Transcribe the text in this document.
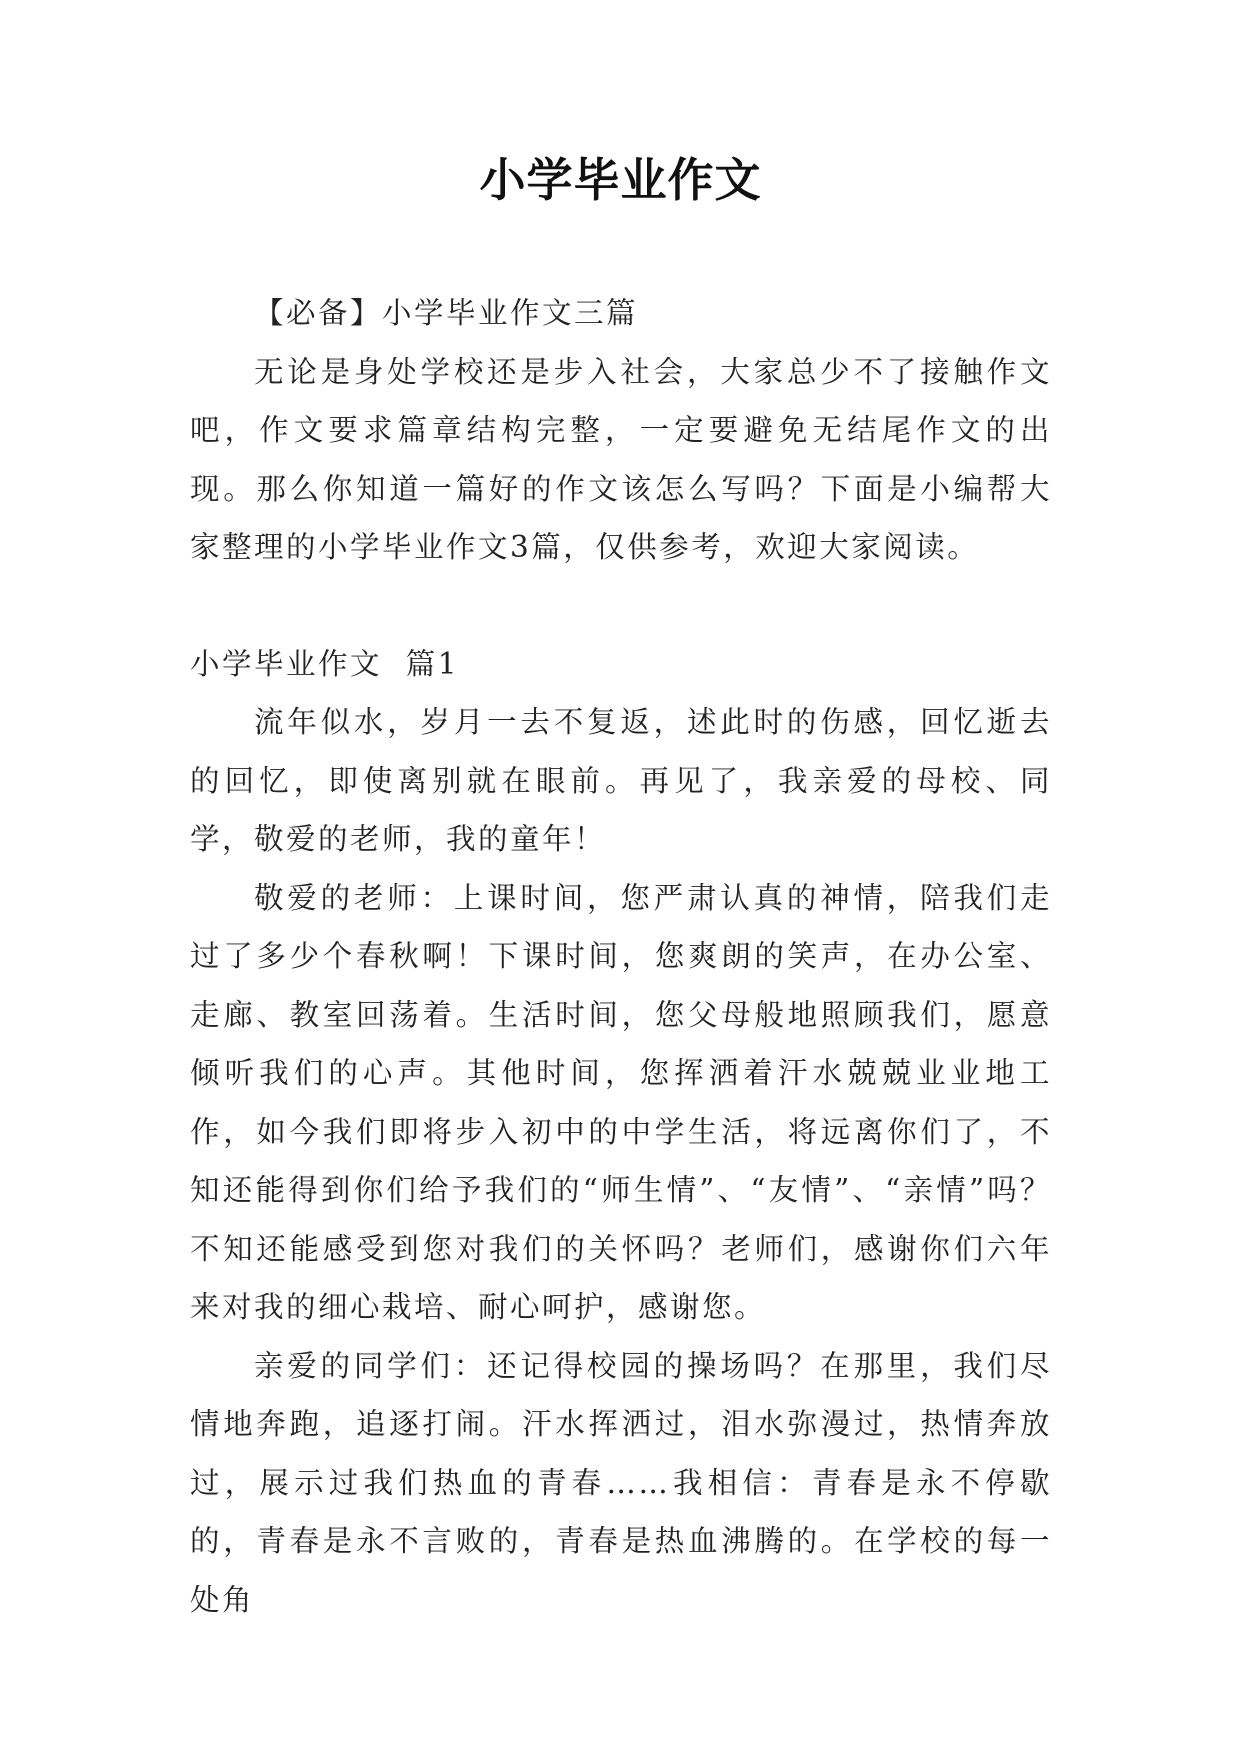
小学毕业作文

【必备】小学毕业作文三篇

无论是身处学校还是步入社会，大家总少不了接触作文吧，作文要求篇章结构完整，一定要避免无结尾作文的出现。那么你知道一篇好的作文该怎么写吗？下面是小编帮大家整理的小学毕业作文3篇，仅供参考，欢迎大家阅读。

小学毕业作文  篇1

流年似水，岁月一去不复返，述此时的伤感，回忆逝去的回忆，即使离别就在眼前。再见了，我亲爱的母校、同学，敬爱的老师，我的童年！

敬爱的老师：上课时间，您严肃认真的神情，陪我们走过了多少个春秋啊！下课时间，您爽朗的笑声，在办公室、走廊、教室回荡着。生活时间，您父母般地照顾我们，愿意倾听我们的心声。其他时间，您挥洒着汗水兢兢业业地工作，如今我们即将步入初中的中学生活，将远离你们了，不知还能得到你们给予我们的“师生情”、“友情”、“亲情”吗？不知还能感受到您对我们的关怀吗？老师们，感谢你们六年来对我的细心栽培、耐心呵护，感谢您。

亲爱的同学们：还记得校园的操场吗？在那里，我们尽情地奔跑，追逐打闹。汗水挥洒过，泪水弥漫过，热情奔放过，展示过我们热血的青春……我相信：青春是永不停歇的，青春是永不言败的，青春是热血沸腾的。在学校的每一处角
